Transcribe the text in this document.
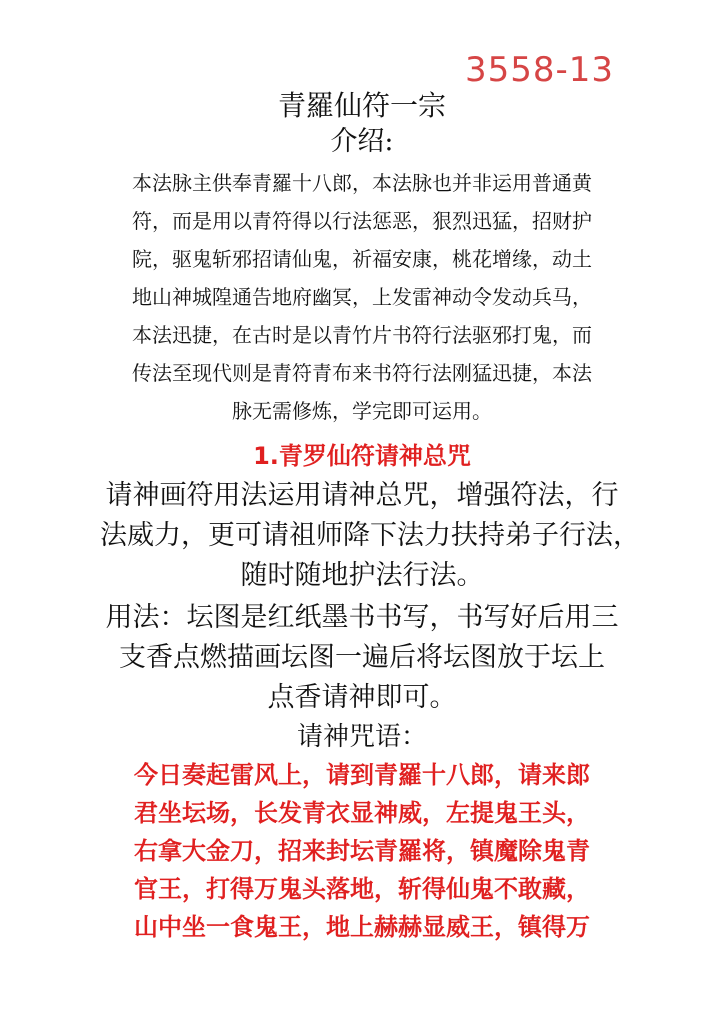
3558-13
青羅仙符一宗
介绍:

本法脉主供奉青羅十八郎，本法脉也并非运用普通黄
符，而是用以青符得以行法惩恶，狠烈迅猛，招财护
院，驱鬼斩邪招请仙鬼，祈福安康，桃花增缘，动土
地山神城隍通告地府幽冥，上发雷神动令发动兵马，
本法迅捷，在古时是以青竹片书符行法驱邪打鬼，而
传法至现代则是青符青布来书符行法刚猛迅捷，本法
脉无需修炼，学完即可运用。

1.青罗仙符请神总咒

请神画符用法运用请神总咒，增强符法，行
法威力，更可请祖师降下法力扶持弟子行法，
随时随地护法行法。

用法：坛图是红纸墨书书写，书写好后用三
支香点燃描画坛图一遍后将坛图放于坛上
点香请神即可。

请神咒语：

今日奏起雷风上，请到青羅十八郎，请来郎
君坐坛场，长发青衣显神威，左提鬼王头，
右拿大金刀，招来封坛青羅将，镇魔除鬼青
官王，打得万鬼头落地，斩得仙鬼不敢藏，
山中坐一食鬼王，地上赫赫显威王，镇得万
